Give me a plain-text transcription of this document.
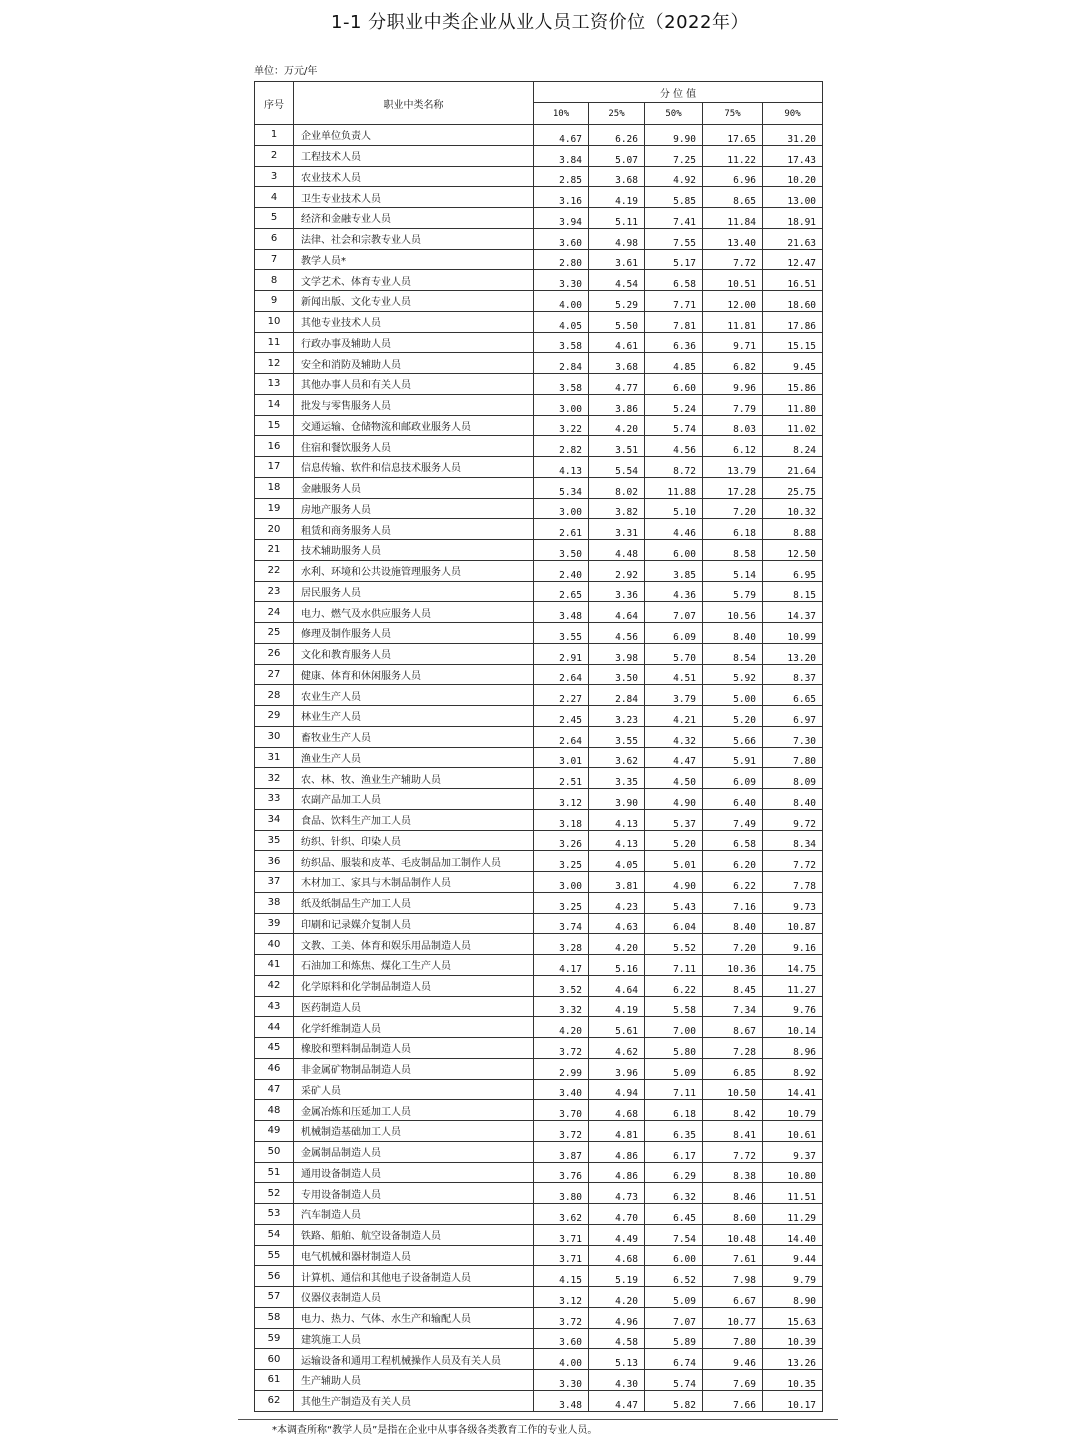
1-1 分职业中类企业从业人员工资价位（2022年）
单位：万元/年
序号	职业中类名称	分 位 值				
		10%	25%	50%	75%	90%
1	企业单位负责人	4.67	6.26	9.90	17.65	31.20
2	工程技术人员	3.84	5.07	7.25	11.22	17.43
3	农业技术人员	2.85	3.68	4.92	6.96	10.20
4	卫生专业技术人员	3.16	4.19	5.85	8.65	13.00
5	经济和金融专业人员	3.94	5.11	7.41	11.84	18.91
6	法律、社会和宗教专业人员	3.60	4.98	7.55	13.40	21.63
7	教学人员*	2.80	3.61	5.17	7.72	12.47
8	文学艺术、体育专业人员	3.30	4.54	6.58	10.51	16.51
9	新闻出版、文化专业人员	4.00	5.29	7.71	12.00	18.60
10	其他专业技术人员	4.05	5.50	7.81	11.81	17.86
11	行政办事及辅助人员	3.58	4.61	6.36	9.71	15.15
12	安全和消防及辅助人员	2.84	3.68	4.85	6.82	9.45
13	其他办事人员和有关人员	3.58	4.77	6.60	9.96	15.86
14	批发与零售服务人员	3.00	3.86	5.24	7.79	11.80
15	交通运输、仓储物流和邮政业服务人员	3.22	4.20	5.74	8.03	11.02
16	住宿和餐饮服务人员	2.82	3.51	4.56	6.12	8.24
17	信息传输、软件和信息技术服务人员	4.13	5.54	8.72	13.79	21.64
18	金融服务人员	5.34	8.02	11.88	17.28	25.75
19	房地产服务人员	3.00	3.82	5.10	7.20	10.32
20	租赁和商务服务人员	2.61	3.31	4.46	6.18	8.88
21	技术辅助服务人员	3.50	4.48	6.00	8.58	12.50
22	水利、环境和公共设施管理服务人员	2.40	2.92	3.85	5.14	6.95
23	居民服务人员	2.65	3.36	4.36	5.79	8.15
24	电力、燃气及水供应服务人员	3.48	4.64	7.07	10.56	14.37
25	修理及制作服务人员	3.55	4.56	6.09	8.40	10.99
26	文化和教育服务人员	2.91	3.98	5.70	8.54	13.20
27	健康、体育和休闲服务人员	2.64	3.50	4.51	5.92	8.37
28	农业生产人员	2.27	2.84	3.79	5.00	6.65
29	林业生产人员	2.45	3.23	4.21	5.20	6.97
30	畜牧业生产人员	2.64	3.55	4.32	5.66	7.30
31	渔业生产人员	3.01	3.62	4.47	5.91	7.80
32	农、林、牧、渔业生产辅助人员	2.51	3.35	4.50	6.09	8.09
33	农副产品加工人员	3.12	3.90	4.90	6.40	8.40
34	食品、饮料生产加工人员	3.18	4.13	5.37	7.49	9.72
35	纺织、针织、印染人员	3.26	4.13	5.20	6.58	8.34
36	纺织品、服装和皮革、毛皮制品加工制作人员	3.25	4.05	5.01	6.20	7.72
37	木材加工、家具与木制品制作人员	3.00	3.81	4.90	6.22	7.78
38	纸及纸制品生产加工人员	3.25	4.23	5.43	7.16	9.73
39	印刷和记录媒介复制人员	3.74	4.63	6.04	8.40	10.87
40	文教、工美、体育和娱乐用品制造人员	3.28	4.20	5.52	7.20	9.16
41	石油加工和炼焦、煤化工生产人员	4.17	5.16	7.11	10.36	14.75
42	化学原料和化学制品制造人员	3.52	4.64	6.22	8.45	11.27
43	医药制造人员	3.32	4.19	5.58	7.34	9.76
44	化学纤维制造人员	4.20	5.61	7.00	8.67	10.14
45	橡胶和塑料制品制造人员	3.72	4.62	5.80	7.28	8.96
46	非金属矿物制品制造人员	2.99	3.96	5.09	6.85	8.92
47	采矿人员	3.40	4.94	7.11	10.50	14.41
48	金属冶炼和压延加工人员	3.70	4.68	6.18	8.42	10.79
49	机械制造基础加工人员	3.72	4.81	6.35	8.41	10.61
50	金属制品制造人员	3.87	4.86	6.17	7.72	9.37
51	通用设备制造人员	3.76	4.86	6.29	8.38	10.80
52	专用设备制造人员	3.80	4.73	6.32	8.46	11.51
53	汽车制造人员	3.62	4.70	6.45	8.60	11.29
54	铁路、船舶、航空设备制造人员	3.71	4.49	7.54	10.48	14.40
55	电气机械和器材制造人员	3.71	4.68	6.00	7.61	9.44
56	计算机、通信和其他电子设备制造人员	4.15	5.19	6.52	7.98	9.79
57	仪器仪表制造人员	3.12	4.20	5.09	6.67	8.90
58	电力、热力、气体、水生产和输配人员	3.72	4.96	7.07	10.77	15.63
59	建筑施工人员	3.60	4.58	5.89	7.80	10.39
60	运输设备和通用工程机械操作人员及有关人员	4.00	5.13	6.74	9.46	13.26
61	生产辅助人员	3.30	4.30	5.74	7.69	10.35
62	其他生产制造及有关人员	3.48	4.47	5.82	7.66	10.17
*本调查所称“教学人员”是指在企业中从事各级各类教育工作的专业人员。
